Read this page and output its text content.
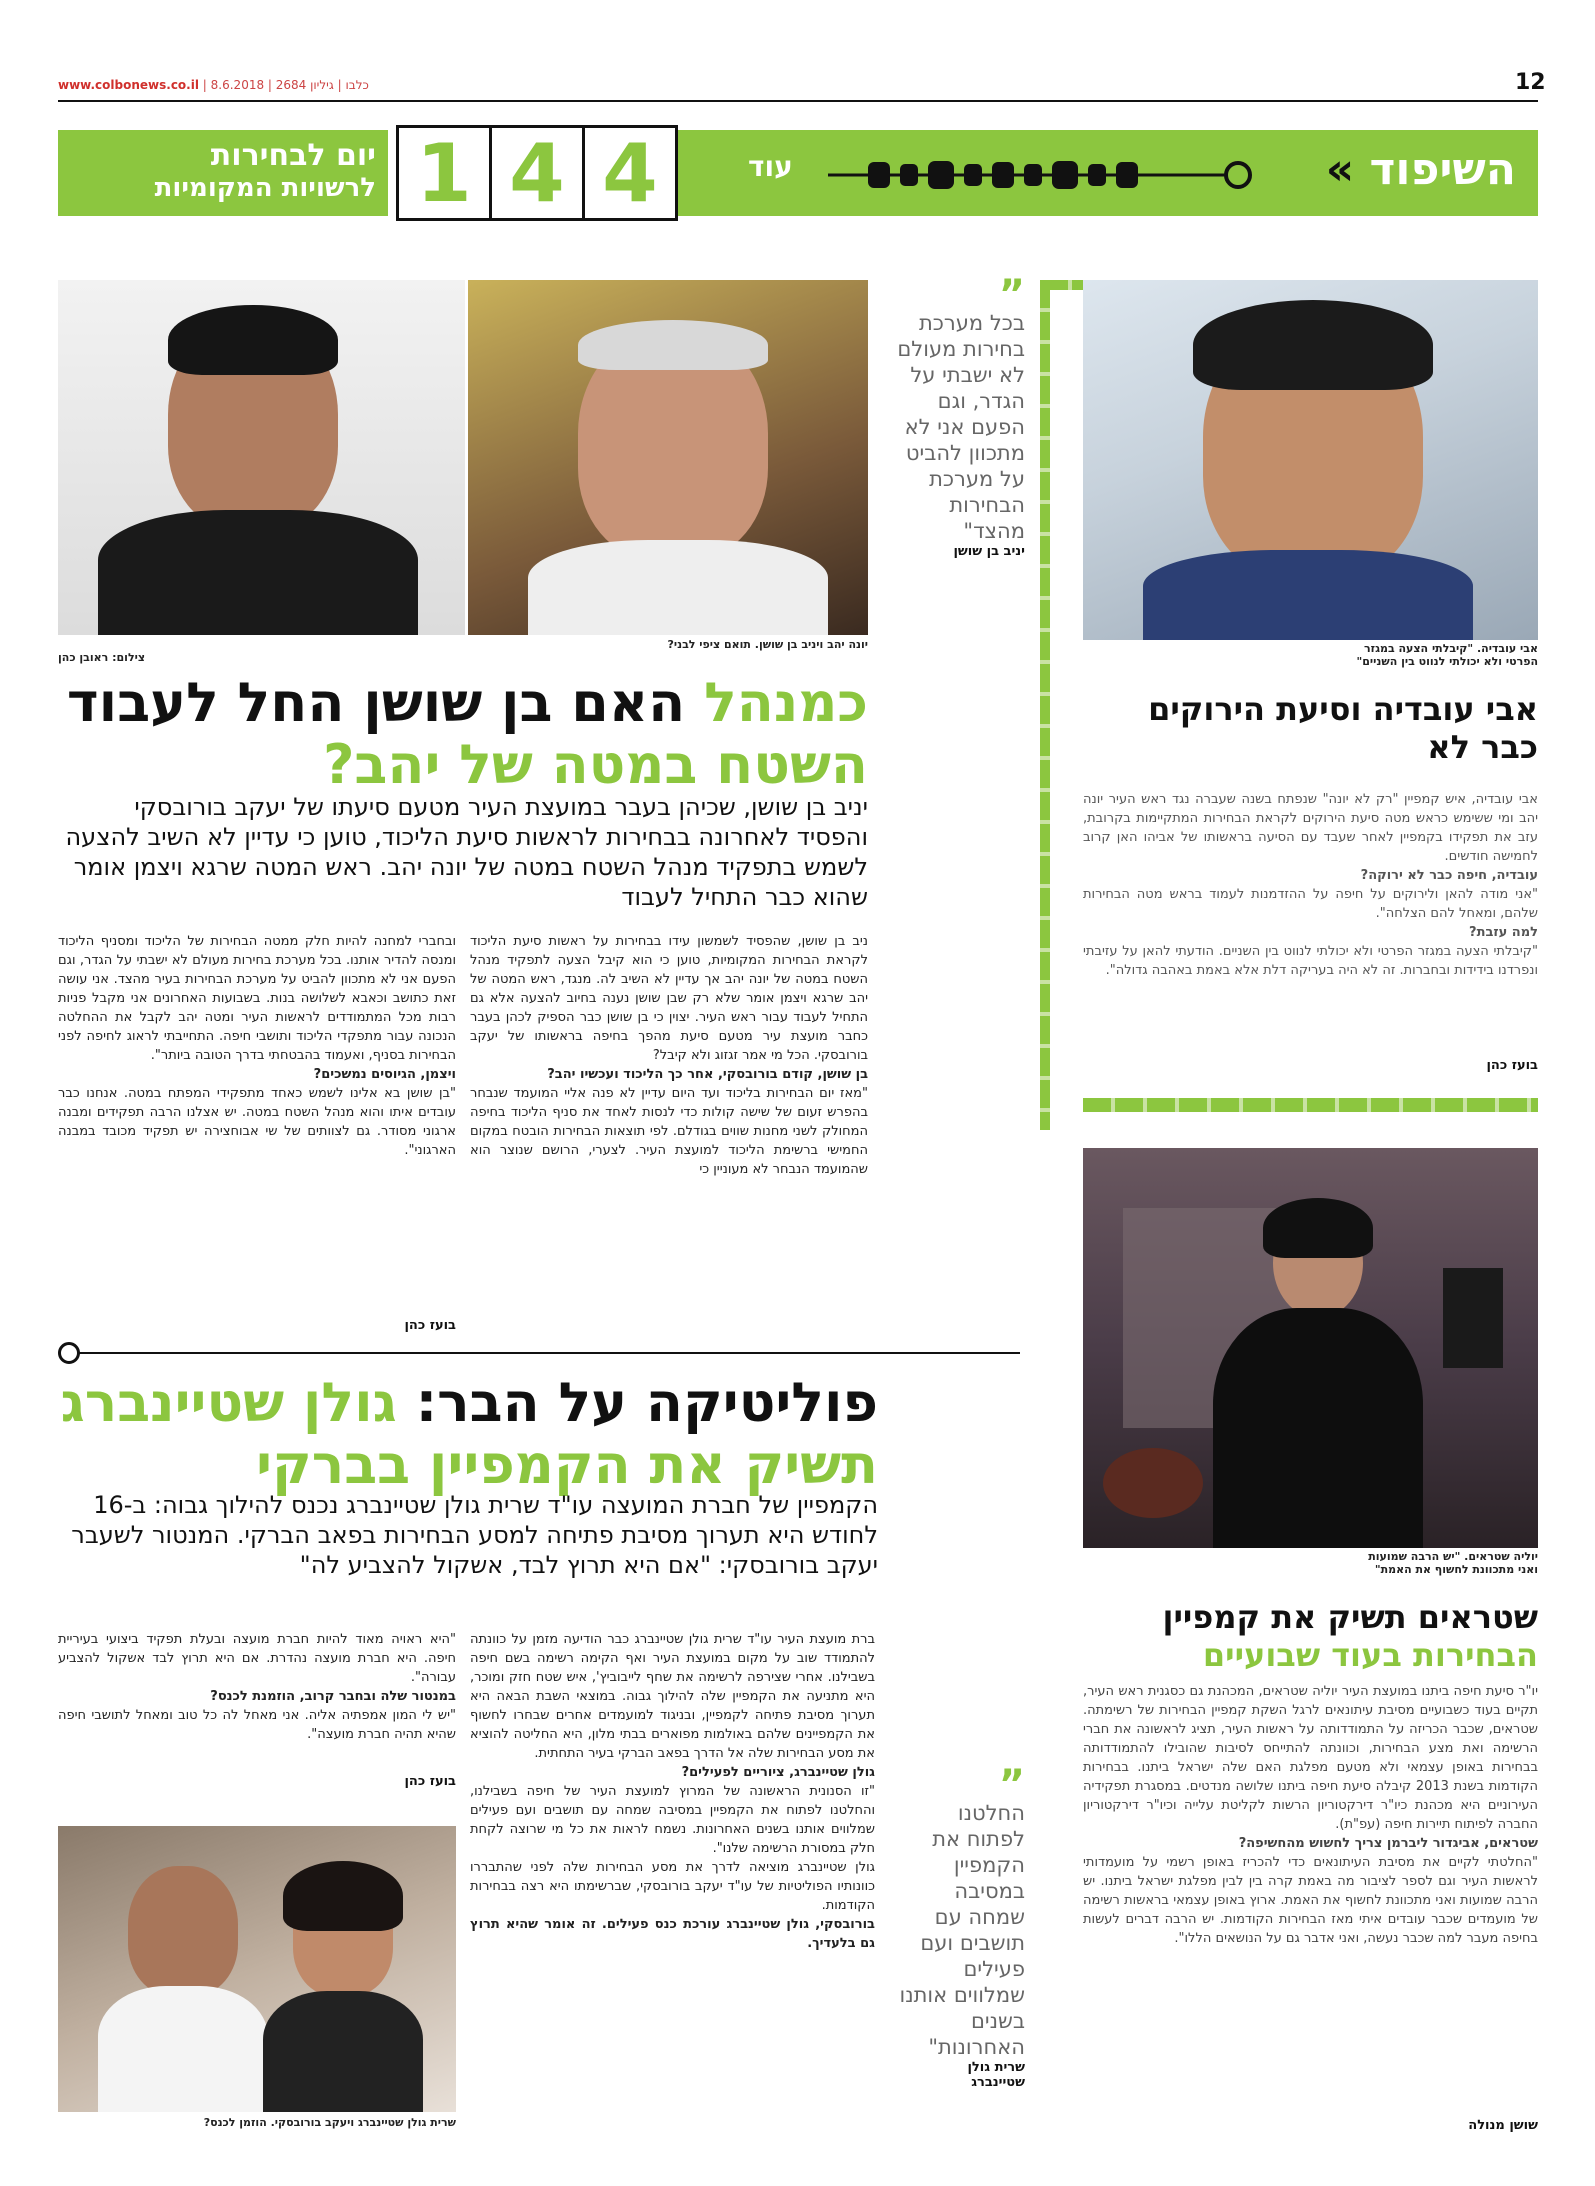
www.colbonews.co.il |	כלבו | גיליון 2684 | 8.6.2018	12
יום לבחירות
לרשויות המקומיות 1 4 4	עוד	השיפוד »
אבי עובדיה. "קיבלתי הצעה במגזר
הפרטי ולא יכולתי לנווט בין השניים"
אבי עובדיה וסיעת הירוקים כבר לא
אבי עובדיה, איש קמפיין "רק לא יונה" שנפתח בשנה שעברה נגד ראש העיר יונה יהב ומי ששימש כראש מטה סיעת הירוקים לקראת הבחירות המתקיימות בקרובת, עזב את תפקידו בקמפיין לאחר שעבד עם הסיעה בראשותו של אביהו האן קרוב לחמישה חודשים.
עובדיה, חיפה כבר לא ירוקה?
"אני מודה להאן ולירוקים על חיפה על ההזדמנות לעמוד בראש מטה הבחירות שלהם, ומאחל להם הצלחה".
למה עזבת?
"קיבלתי הצעה במגזר הפרטי ולא יכולתי לנווט בין השניים. הודעתי להאן על עזיבתי ונפרדנו בידידות ובחברות. זה לא היה בעריקה דלת אלא באמת באהבה גדולה".
בועז כהן
יוליה שטראים. "יש הרבה שמועות
ואני מתכוונת לחשוף את האמת"
שטראים תשיק את קמפיין
הבחירות בעוד שבועיים
יו"ר סיעת חיפה ביתנו במועצת העיר יוליה שטראים, המכהנת גם כסגנית ראש העיר, תקיים בעוד כשבועיים מסיבת עיתונאים לרגל השקת קמפיין הבחירות של רשימתה. שטראים, שכבר הכריזה על התמודדותה על ראשות העיר, תציג לראשונה את חברי הרשימה ואת מצע הבחירות, וכוונתה להתייחס לסיבות שהובילו להתמודדותה בבחירות באופן עצמאי ולא מטעם מפלגת האם שלה ישראל ביתנו. בבחירות הקודמות בשנת 2013 קיבלה סיעת חיפה ביתנו שלושה מנדטים. במסגרת תפקידיה העירוניים היא מכהנת כיו"ר דירקטוריון הרשות לקליטת עלייה וכיו"ר דירקטוריון החברה לפיתוח תיירות חיפה (עפ"ת).
שטראים, אביגדור ליברמן צריך לחשוש מהחשיפה?
"החלטתי לקיים את מסיבת העיתונאים כדי להכריז באופן רשמי על מועמדותי לראשות העיר וגם לספר לציבור מה באמת קרה בין לבין מפלגת ישראל ביתנו. יש הרבה שמועות ואני מתכוונת לחשוף את האמת. ארוץ באופן עצמאי בראשות רשימה של מועמדים שכבר עובדים איתי מאז הבחירות הקודמות. יש הרבה דברים לעשות בחיפה מעבר למה שכבר נעשה, ואני אדבר גם על הנושאים הללו".
שושן מנולה
יונה יהב ויניב בן שושן. תואם ציפי לבני?
צילום: ראובן כהן
”
בכל מערכת בחירות מעולם לא ישבתי על הגדר, וגם הפעם אני לא מתכוון להביט על מערכת הבחירות מהצד"
יניב בן שושן
כמנהל האם בן שושן החל לעבוד
השטח במטה של יהב?
יניב בן שושן, שכיהן בעבר במועצת העיר מטעם סיעתו של יעקב בורובסקי והפסיד לאחרונה בבחירות לראשות סיעת הליכוד, טוען כי עדיין לא השיב להצעה לשמש בתפקיד מנהל השטח במטה של יונה יהב. ראש המטה שרגא ויצמן אומר שהוא כבר התחיל לעבוד
ניב בן שושן, שהפסיד לשמשון עידו בבחירות על ראשות סיעת הליכוד לקראת הבחירות המקומיות, טוען כי הוא קיבל הצעה לתפקיד מנהל השטח במטה של יונה יהב אך עדיין לא השיב לה. מנגד, ראש המטה של יהב שרגא ויצמן אומר שלא רק שבן שושן נענה בחיוב להצעה אלא גם התחיל לעבוד עבור ראש העיר. יצוין כי בן שושן כבר הספיק לכהן בעבר כחבר מועצת עיר מטעם סיעת מהפך בחיפה בראשותו של יעקב בורובסקי. הכל מי אמר זגזוג ולא קיבל?
בן שושן, קודם בורובסקי, אחר כך הליכוד ועכשיו יהב?
"מאז יום הבחירות בליכוד ועד היום עדיין לא פנה אליי המועמד שנבחר בהפרש זעום של שישה קולות כדי לנסות לאחד את סניף הליכוד בחיפה המחולק לשני מחנות שווים בגודלם. לפי תוצאות הבחירות הובטח במקום החמישי ברשימת הליכוד למועצת העיר. לצערי, הרושם שנוצר הוא שהמועמד הנבחר לא מעוניין כי
ובחברי למחנה להיות חלק ממטה הבחירות של הליכוד ומסניף הליכוד ומנסה להדיר אותנו. בכל מערכת בחירות מעולם לא ישבתי על הגדר, וגם הפעם אני לא מתכוון להביט על מערכת הבחירות בעיר מהצד. אני עושה זאת כתושב וכאבא לשלושה בנות. בשבועות האחרונים אני מקבל פניות רבות מכל המתמודדים לראשות העיר ומטה יהב לקבל את ההחלטה הנכונה עבור מתפקדי הליכוד ותושבי חיפה. התחייבתי לראוג לחיפה לפני הבחירות בסניף, ואעמוד בהבטחתי בדרך הטובה ביותר".
ויצמן, הגיוסים נמשכים?
"בן שושן בא אלינו לשמש כאחד מתפקידי המפתח במטה. אנחנו כבר עובדים איתו והוא מנהל השטח במטה. יש אצלנו הרבה תפקידים ומבנה ארגוני מסודר. גם לצוותים של שי אבוחצירה יש תפקיד מכובד במבנה הארגוני".
בועז כהן
”
החלטנו לפתוח את הקמפיין במסיבה שמחה עם תושבים ועם פעילים שמלווים אותנו בשנים האחרונות"
שרית גולן
שטיינברג
פוליטיקה על הבר: גולן שטיינברג
תשיק את הקמפיין בברקי
הקמפיין של חברת המועצה עו"ד שרית גולן שטיינברג נכנס להילוך גבוה: ב-16 לחודש היא תערוך מסיבת פתיחה למסע הבחירות בפאב הברקי. המנטור לשעבר יעקב בורובסקי: "אם היא תרוץ לבד, אשקול להצביע לה"
ברת מועצת העיר עו"ד שרית גולן שטיינברג כבר הודיעה מזמן על כוונתה להתמודד שוב על מקום במועצת העיר ואף הקימה רשימה בשם חיפה בשבילנו. אחרי שצירפה לרשימה את שחף לייבוביץ', איש שטח חזק ומוכר, היא מתניעה את הקמפיין שלה להילוך גבוה. במוצאי השבת הבאה היא תערוך מסיבת פתיחה לקמפיין, ובניגוד למועמדים אחרים שבחרו לחשוף את הקמפיינים שלהם באולמות מפוארים בבתי מלון, היא החליטה להוציא את מסע הבחירות שלה אל הדרך בפאב הברקי בעיר התחתית.
גולן שטיינברג, ציוריים לפעילים?
"זו הסנונית הראשונה של המרוץ למועצת העיר של חיפה בשבילנו, והחלטנו לפתוח את הקמפיין במסיבה שמחה עם תושבים ועם פעילים שמלווים אותנו בשנים האחרונות. נשמח לראות את כל מי שרוצה לקחת חלק במסורת הרשימה שלנו".
גולן שטיינברג מוציאה לדרך את מסע הבחירות שלה לפני שהתבררו כוונותיו הפוליטיות של עו"ד יעקב בורובסקי, שברשימתו היא רצה בבחירות הקודמות.
בורובסקי, גולן שטיינברג עורכת כנס פעילים. זה אומר שהיא תרוץ גם בלעדיך.
"היא ראויה מאוד להיות חברת מועצה ובעלת תפקיד ביצועי בעיריית חיפה. היא חברת מועצה נהדרת. אם היא תרוץ לבד אשקול להצביע עבורה".
במנטור שלה ובחבר קרוב, הוזמנת לכנס?
"יש לי המון אמפתיה אליה. אני מאחל לה כל טוב ומאחל לתושבי חיפה שהיא תהיה חברת מועצה".
בועז כהן
שרית גולן שטיינברג ויעקב בורובסקי. הוזמן לכנס?
